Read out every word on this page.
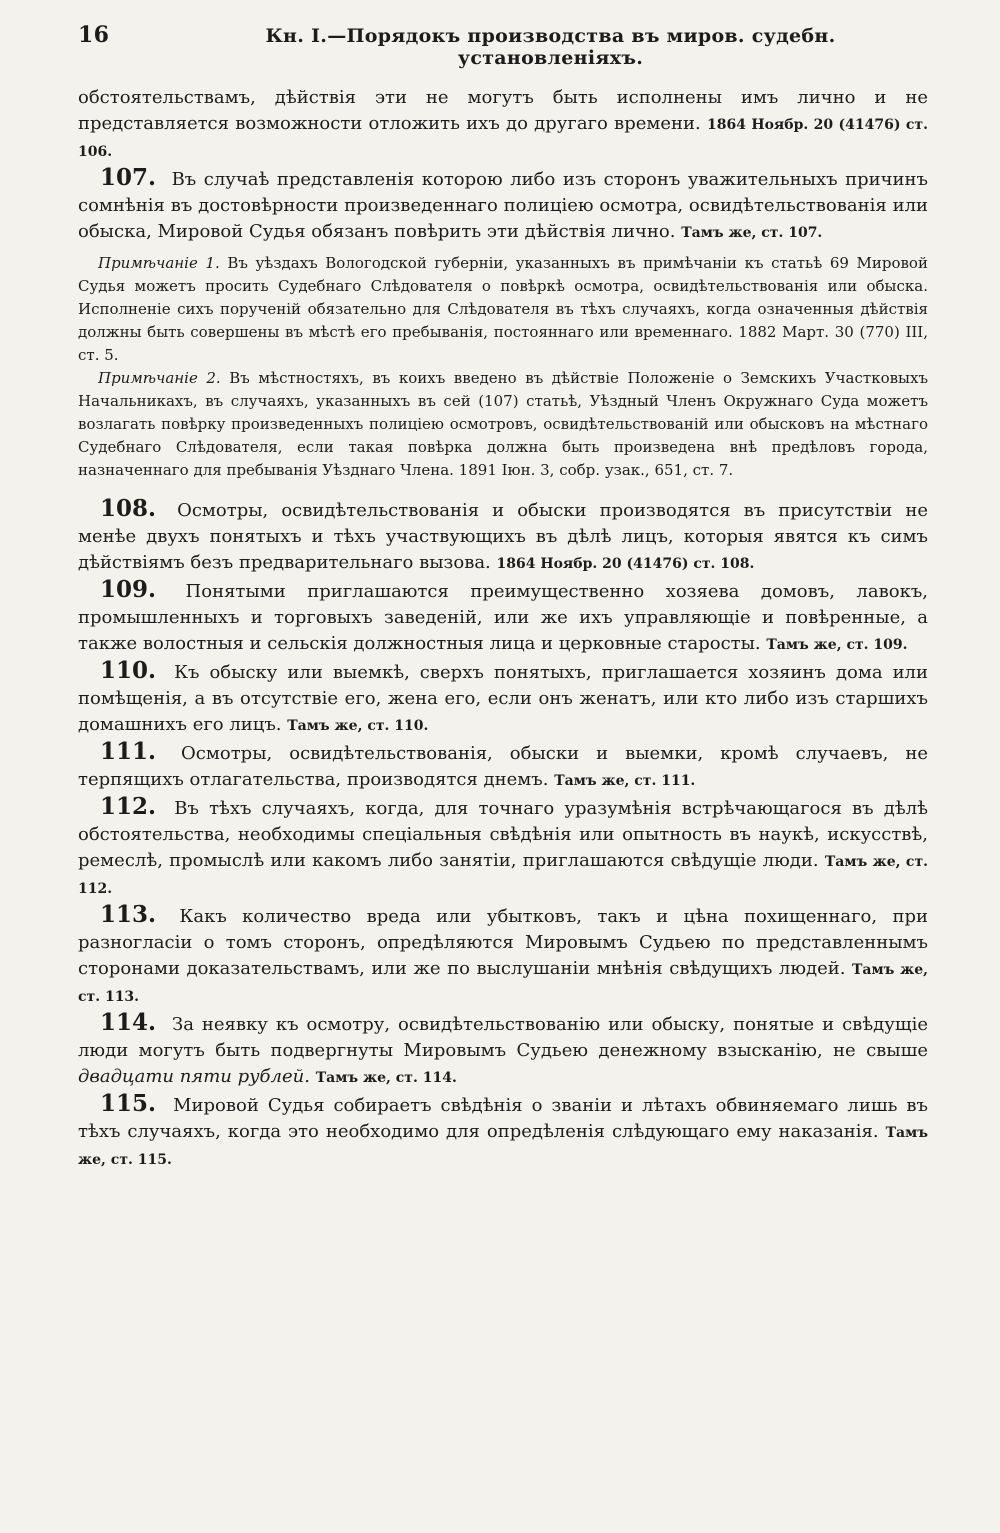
16	Кн. I.—Порядокъ производства въ миров. судебн. установленіяхъ.

обстоятельствамъ, дѣйствія эти не могутъ быть исполнены имъ лично и не представляется возможности отложить ихъ до другаго времени. 1864 Ноябр. 20 (41476) ст. 106.

107. Въ случаѣ представленія которою либо изъ сторонъ уважительныхъ причинъ сомнѣнія въ достовѣрности произведеннаго полиціею осмотра, освидѣтельствованія или обыска, Мировой Судья обязанъ повѣрить эти дѣйствія лично. Тамъ же, ст. 107.

Примѣчаніе 1. Въ уѣздахъ Вологодской губерніи, указанныхъ въ примѣчаніи къ статьѣ 69 Мировой Судья можетъ просить Судебнаго Слѣдователя о повѣркѣ осмотра, освидѣтельствованія или обыска. Исполненіе сихъ порученій обязательно для Слѣдователя въ тѣхъ случаяхъ, когда означенныя дѣйствія должны быть совершены въ мѣстѣ его пребыванія, постояннаго или временнаго. 1882 Март. 30 (770) III, ст. 5.

Примѣчаніе 2. Въ мѣстностяхъ, въ коихъ введено въ дѣйствіе Положеніе о Земскихъ Участковыхъ Начальникахъ, въ случаяхъ, указанныхъ въ сей (107) статьѣ, Уѣздный Членъ Окружнаго Суда можетъ возлагать повѣрку произведенныхъ полиціею осмотровъ, освидѣтельствованій или обысковъ на мѣстнаго Судебнаго Слѣдователя, если такая повѣрка должна быть произведена внѣ предѣловъ города, назначеннаго для пребыванія Уѣзднаго Члена. 1891 Іюн. 3, собр. узак., 651, ст. 7.

108. Осмотры, освидѣтельствованія и обыски производятся въ присутствіи не менѣе двухъ понятыхъ и тѣхъ участвующихъ въ дѣлѣ лицъ, которыя явятся къ симъ дѣйствіямъ безъ предварительнаго вызова. 1864 Ноябр. 20 (41476) ст. 108.

109. Понятыми приглашаются преимущественно хозяева домовъ, лавокъ, промышленныхъ и торговыхъ заведеній, или же ихъ управляющіе и повѣренные, а также волостныя и сельскія должностныя лица и церковные старосты. Тамъ же, ст. 109.

110. Къ обыску или выемкѣ, сверхъ понятыхъ, приглашается хозяинъ дома или помѣщенія, а въ отсутствіе его, жена его, если онъ женатъ, или кто либо изъ старшихъ домашнихъ его лицъ. Тамъ же, ст. 110.

111. Осмотры, освидѣтельствованія, обыски и выемки, кромѣ случаевъ, не терпящихъ отлагательства, производятся днемъ. Тамъ же, ст. 111.

112. Въ тѣхъ случаяхъ, когда, для точнаго уразумѣнія встрѣчающагося въ дѣлѣ обстоятельства, необходимы спеціальныя свѣдѣнія или опытность въ наукѣ, искусствѣ, ремеслѣ, промыслѣ или какомъ либо занятіи, приглашаются свѣдущіе люди. Тамъ же, ст. 112.

113. Какъ количество вреда или убытковъ, такъ и цѣна похищеннаго, при разногласіи о томъ сторонъ, опредѣляются Мировымъ Судьею по представленнымъ сторонами доказательствамъ, или же по выслушаніи мнѣнія свѣдущихъ людей. Тамъ же, ст. 113.

114. За неявку къ осмотру, освидѣтельствованію или обыску, понятые и свѣдущіе люди могутъ быть подвергнуты Мировымъ Судьею денежному взысканію, не свыше двадцати пяти рублей. Тамъ же, ст. 114.

115. Мировой Судья собираетъ свѣдѣнія о званіи и лѣтахъ обвиняемаго лишь въ тѣхъ случаяхъ, когда это необходимо для опредѣленія слѣдующаго ему наказанія. Тамъ же, ст. 115.
